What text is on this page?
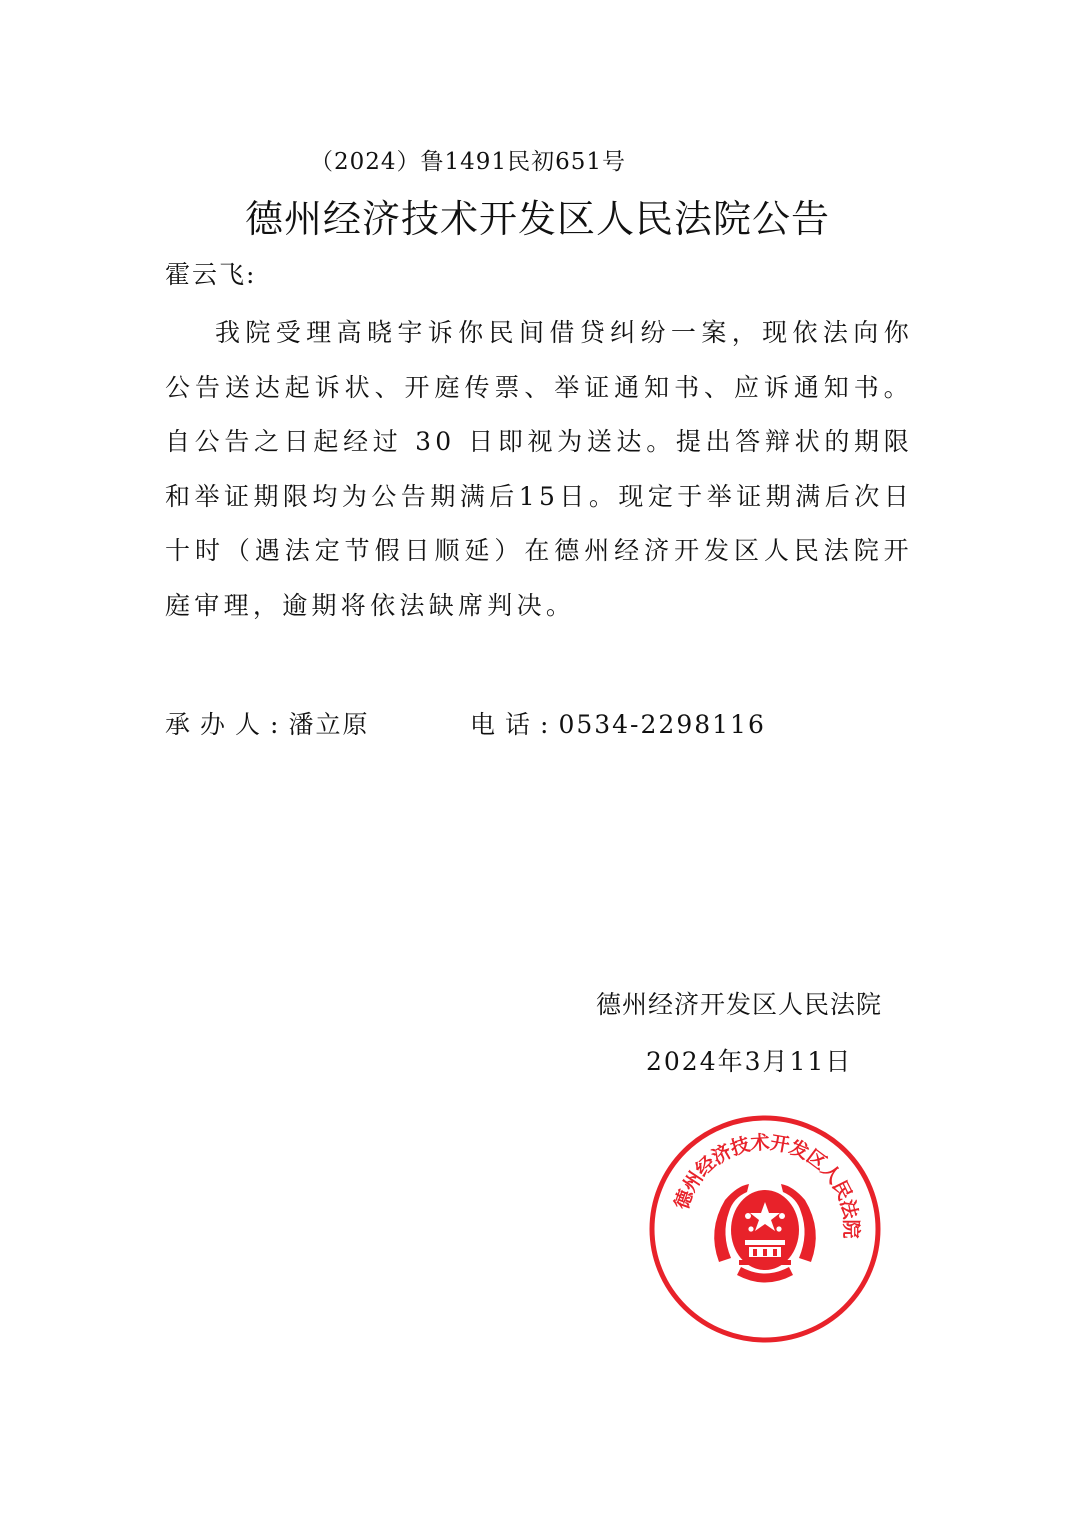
（2024）鲁1491民初651号
德州经济技术开发区人民法院公告
霍云飞:

我院受理高晓宇诉你民间借贷纠纷一案，现依法向你公告送达起诉状、开庭传票、举证通知书、应诉通知书。自公告之日起经过 30 日即视为送达。提出答辩状的期限和举证期限均为公告期满后15日。现定于举证期满后次日十时（遇法定节假日顺延）在德州经济开发区人民法院开庭审理，逾期将依法缺席判决。

承办人:潘立原	电话:0534-2298116
德州经济开发区人民法院
2024年3月11日
德
州
经
济
技
术
开
发
区
人
民
法
院
